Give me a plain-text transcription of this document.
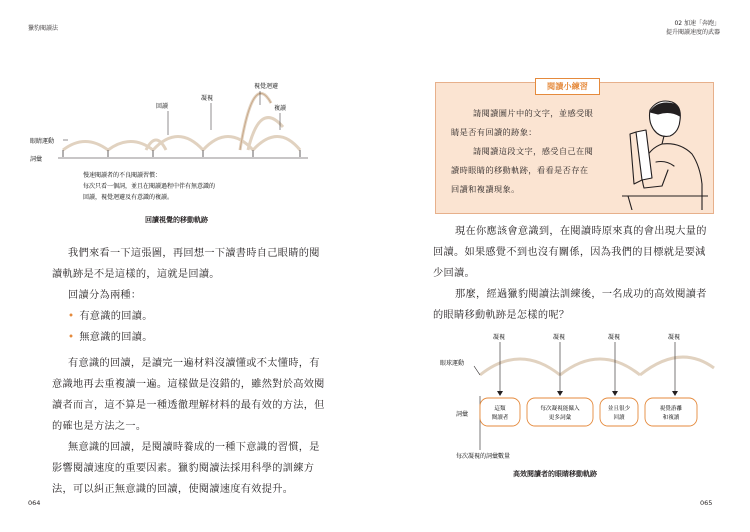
獵豹閱讀法
回讀
凝視
視覺迴避
複讀
眼睛運動
詞彙
慢速閱讀者的不良閱讀習慣：
每次只看一個詞，並且在閱讀過程中伴有無意識的
回讀，視覺迴避及有意識的複讀。
回讀視覺的移動軌跡

我們來看一下這張圖，再回想一下讀書時自己眼睛的閱

讀軌跡是不是這樣的，這就是回讀。

回讀分為兩種：

• 有意識的回讀。

• 無意識的回讀。

有意識的回讀，是讀完一遍材料沒讀懂或不太懂時，有

意識地再去重複讀一遍。這樣做是沒錯的，雖然對於高效閱

讀者而言，這不算是一種透徹理解材料的最有效的方法，但

的確也是方法之一。

無意識的回讀，是閱讀時養成的一種下意識的習慣，是

影響閱讀速度的重要因素。獵豹閱讀法採用科學的訓練方

法，可以糾正無意識的回讀，使閱讀速度有效提升。

064
02 加速「奔跑」
提升閱讀速度的武器
閱讀小練習

請閱讀圖片中的文字，並感受眼

睛是否有回讀的跡象：

請閱讀這段文字，感受自己在閱

讀時眼睛的移動軌跡，看看是否存在

回讀和複讀現象。

現在你應該會意識到，在閱讀時原來真的會出現大量的

回讀。如果感覺不到也沒有關係，因為我們的目標就是要減

少回讀。

那麼，經過獵豹閱讀法訓練後，一名成功的高效閱讀者

的眼睛移動軌跡是怎樣的呢？

凝視	凝視	凝視	凝視
眼球運動
詞彙
這類
閱讀者
每次凝視能攝入
更多詞彙
並且很少
回讀
視覺游離
和複讀
每次凝視的詞彙數量
高效閱讀者的眼睛移動軌跡
065
